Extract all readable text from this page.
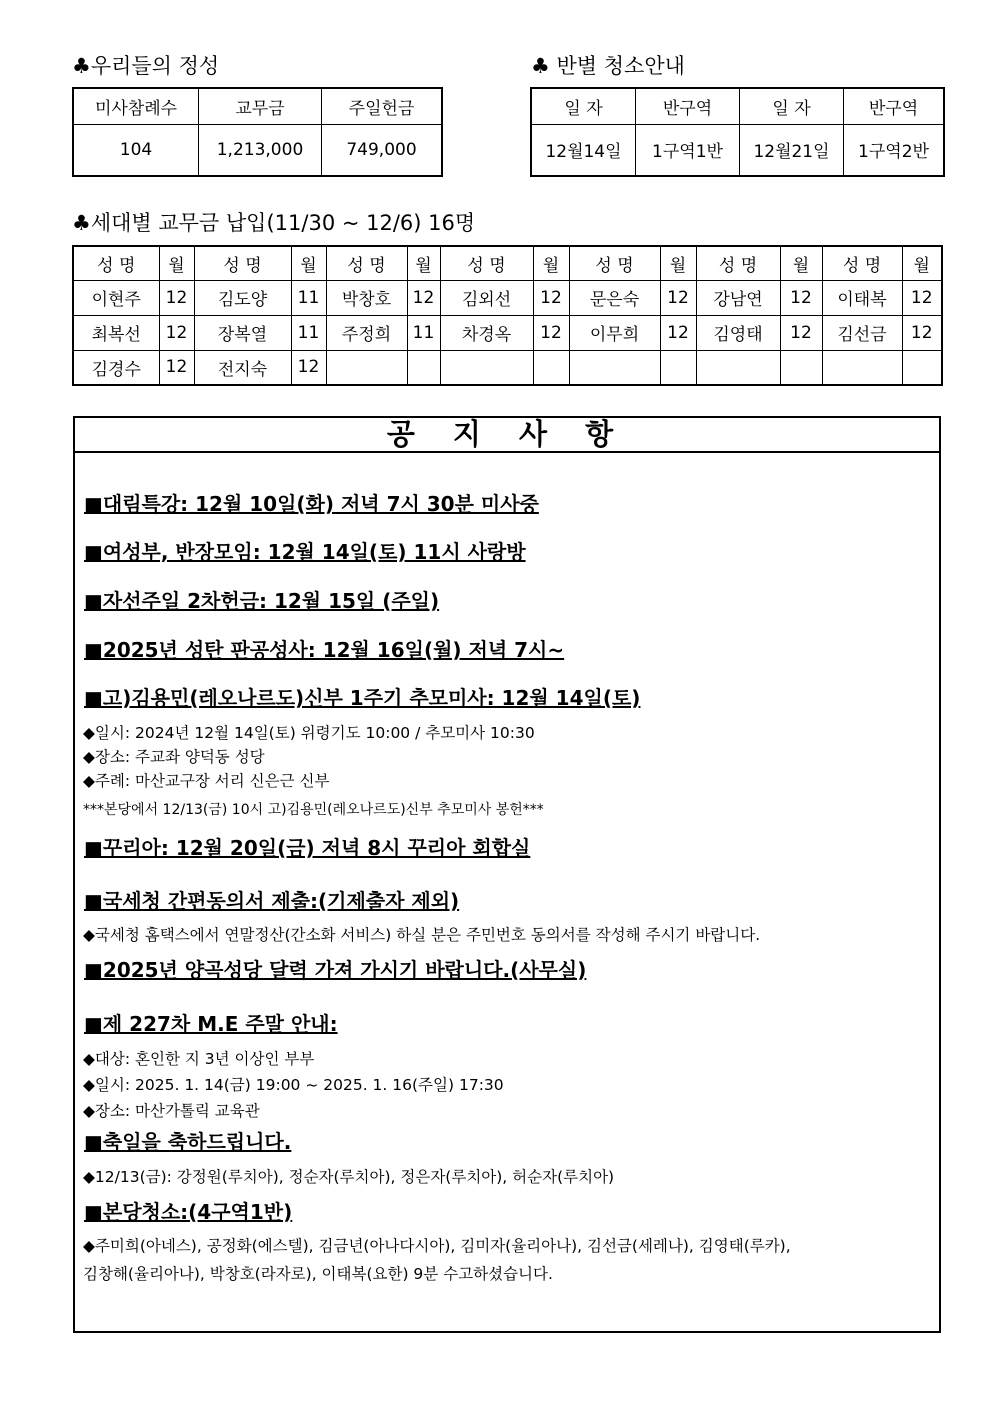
♣우리들의 정성
미사참례수	교무금	주일헌금
104	1,213,000	749,000
♣ 반별 청소안내
일 자	반구역	일 자	반구역
12월14일	1구역1반	12월21일	1구역2반
♣세대별 교무금 납입(11/30 ~ 12/6) 16명
성 명	월	성 명	월	성 명	월	성 명	월	성 명	월	성 명	월	성 명	월
이현주	12	김도양	11	박창호	12	김외선	12	문은숙	12	강남연	12	이태복	12
최복선	12	장복열	11	주정희	11	차경옥	12	이무희	12	김영태	12	김선금	12
김경수	12	전지숙	12										
공 지 사 항
■대림특강: 12월 10일(화) 저녁 7시 30분 미사중
■여성부, 반장모임: 12월 14일(토) 11시 사랑방
■자선주일 2차헌금: 12월 15일 (주일)
■2025년 성탄 판공성사: 12월 16일(월) 저녁 7시~
■고)김용민(레오나르도)신부 1주기 추모미사: 12월 14일(토)
◆일시: 2024년 12월 14일(토) 위령기도 10:00 / 추모미사 10:30
◆장소: 주교좌 양덕동 성당
◆주례: 마산교구장 서리 신은근 신부
***본당에서 12/13(금) 10시 고)김용민(레오나르도)신부 추모미사 봉헌***
■꾸리아: 12월 20일(금) 저녁 8시 꾸리아 회합실
■국세청 간편동의서 제출:(기제출자 제외)
◆국세청 홈택스에서 연말정산(간소화 서비스) 하실 분은 주민번호 동의서를 작성해 주시기 바랍니다.
■2025년 양곡성당 달력 가져 가시기 바랍니다.(사무실)
■제 227차 M.E 주말 안내:
◆대상: 혼인한 지 3년 이상인 부부
◆일시: 2025. 1. 14(금) 19:00 ~ 2025. 1. 16(주일) 17:30
◆장소: 마산가톨릭 교육관
■축일을 축하드립니다.
◆12/13(금): 강정원(루치아), 정순자(루치아), 정은자(루치아), 허순자(루치아)
■본당청소:(4구역1반)
◆주미희(아네스), 공정화(에스텔), 김금년(아나다시아), 김미자(율리아나), 김선금(세레나), 김영태(루카),
김창해(율리아나), 박창호(라자로), 이태복(요한) 9분 수고하셨습니다.
